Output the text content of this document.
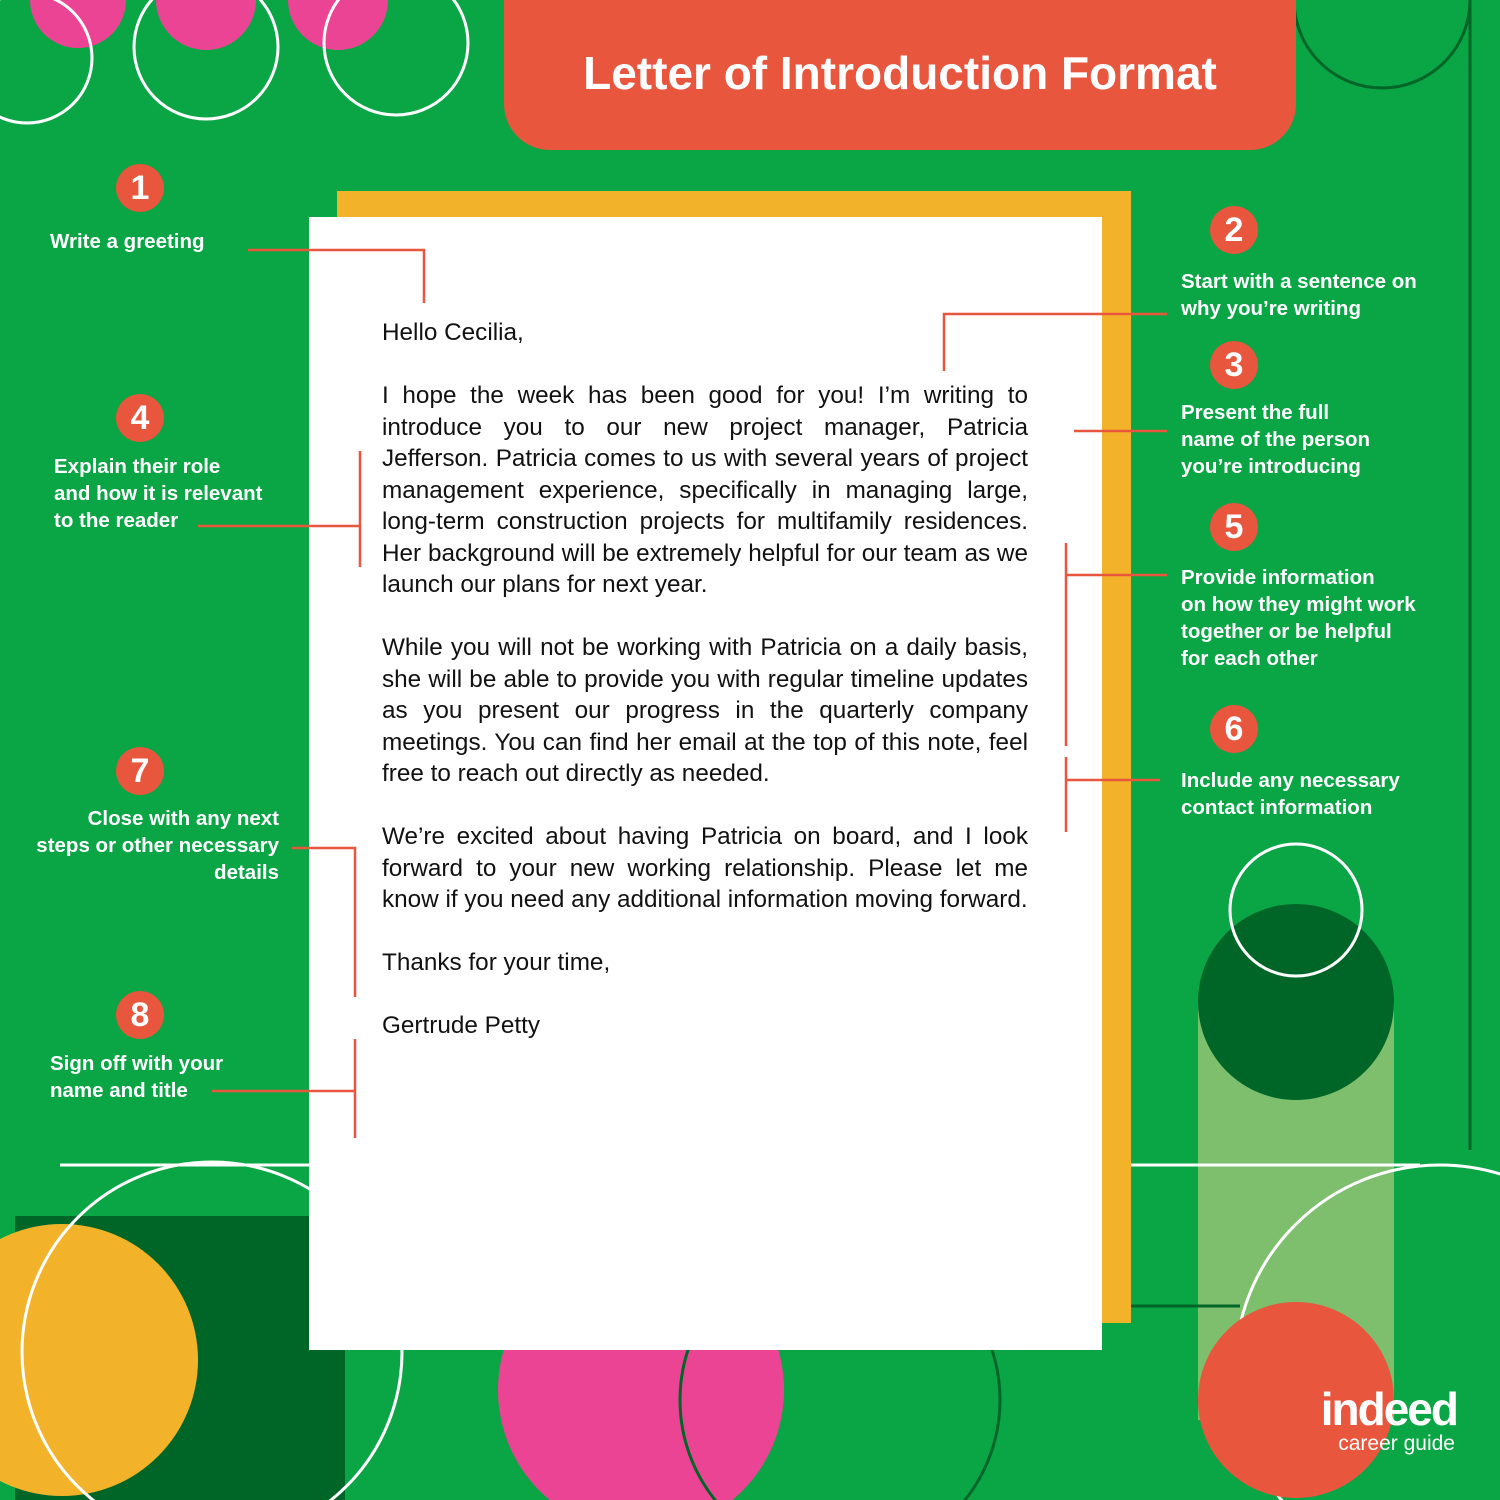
Letter of Introduction Format

Hello Cecilia,

I hope the week has been good for you! I’m writing to introduce you to our new project manager, Patricia Jefferson. Patricia comes to us with several years of project management experience, specifically in managing large, long-term construction projects for multifamily residences. Her background will be extremely helpful for our team as we launch our plans for next year.

While you will not be working with Patricia on a daily basis, she will be able to provide you with regular timeline updates as you present our progress in the quarterly company meetings. You can find her email at the top of this note, feel free to reach out directly as needed.

We’re excited about having Patricia on board, and I look forward to your new working relationship. Please let me know if you need any additional information moving forward.

Thanks for your time,

Gertrude Petty

1
Write a greeting	2
Start with a sentence on
why you’re writing
3
Present the full
name of the person
you’re introducing
4
Explain their role
and how it is relevant
to the reader	5
Provide information
on how they might work
together or be helpful
for each other
6
Include any necessary
contact information
7
Close with any next
steps or other necessary
details
8
Sign off with your
name and title
indeed
career guide
